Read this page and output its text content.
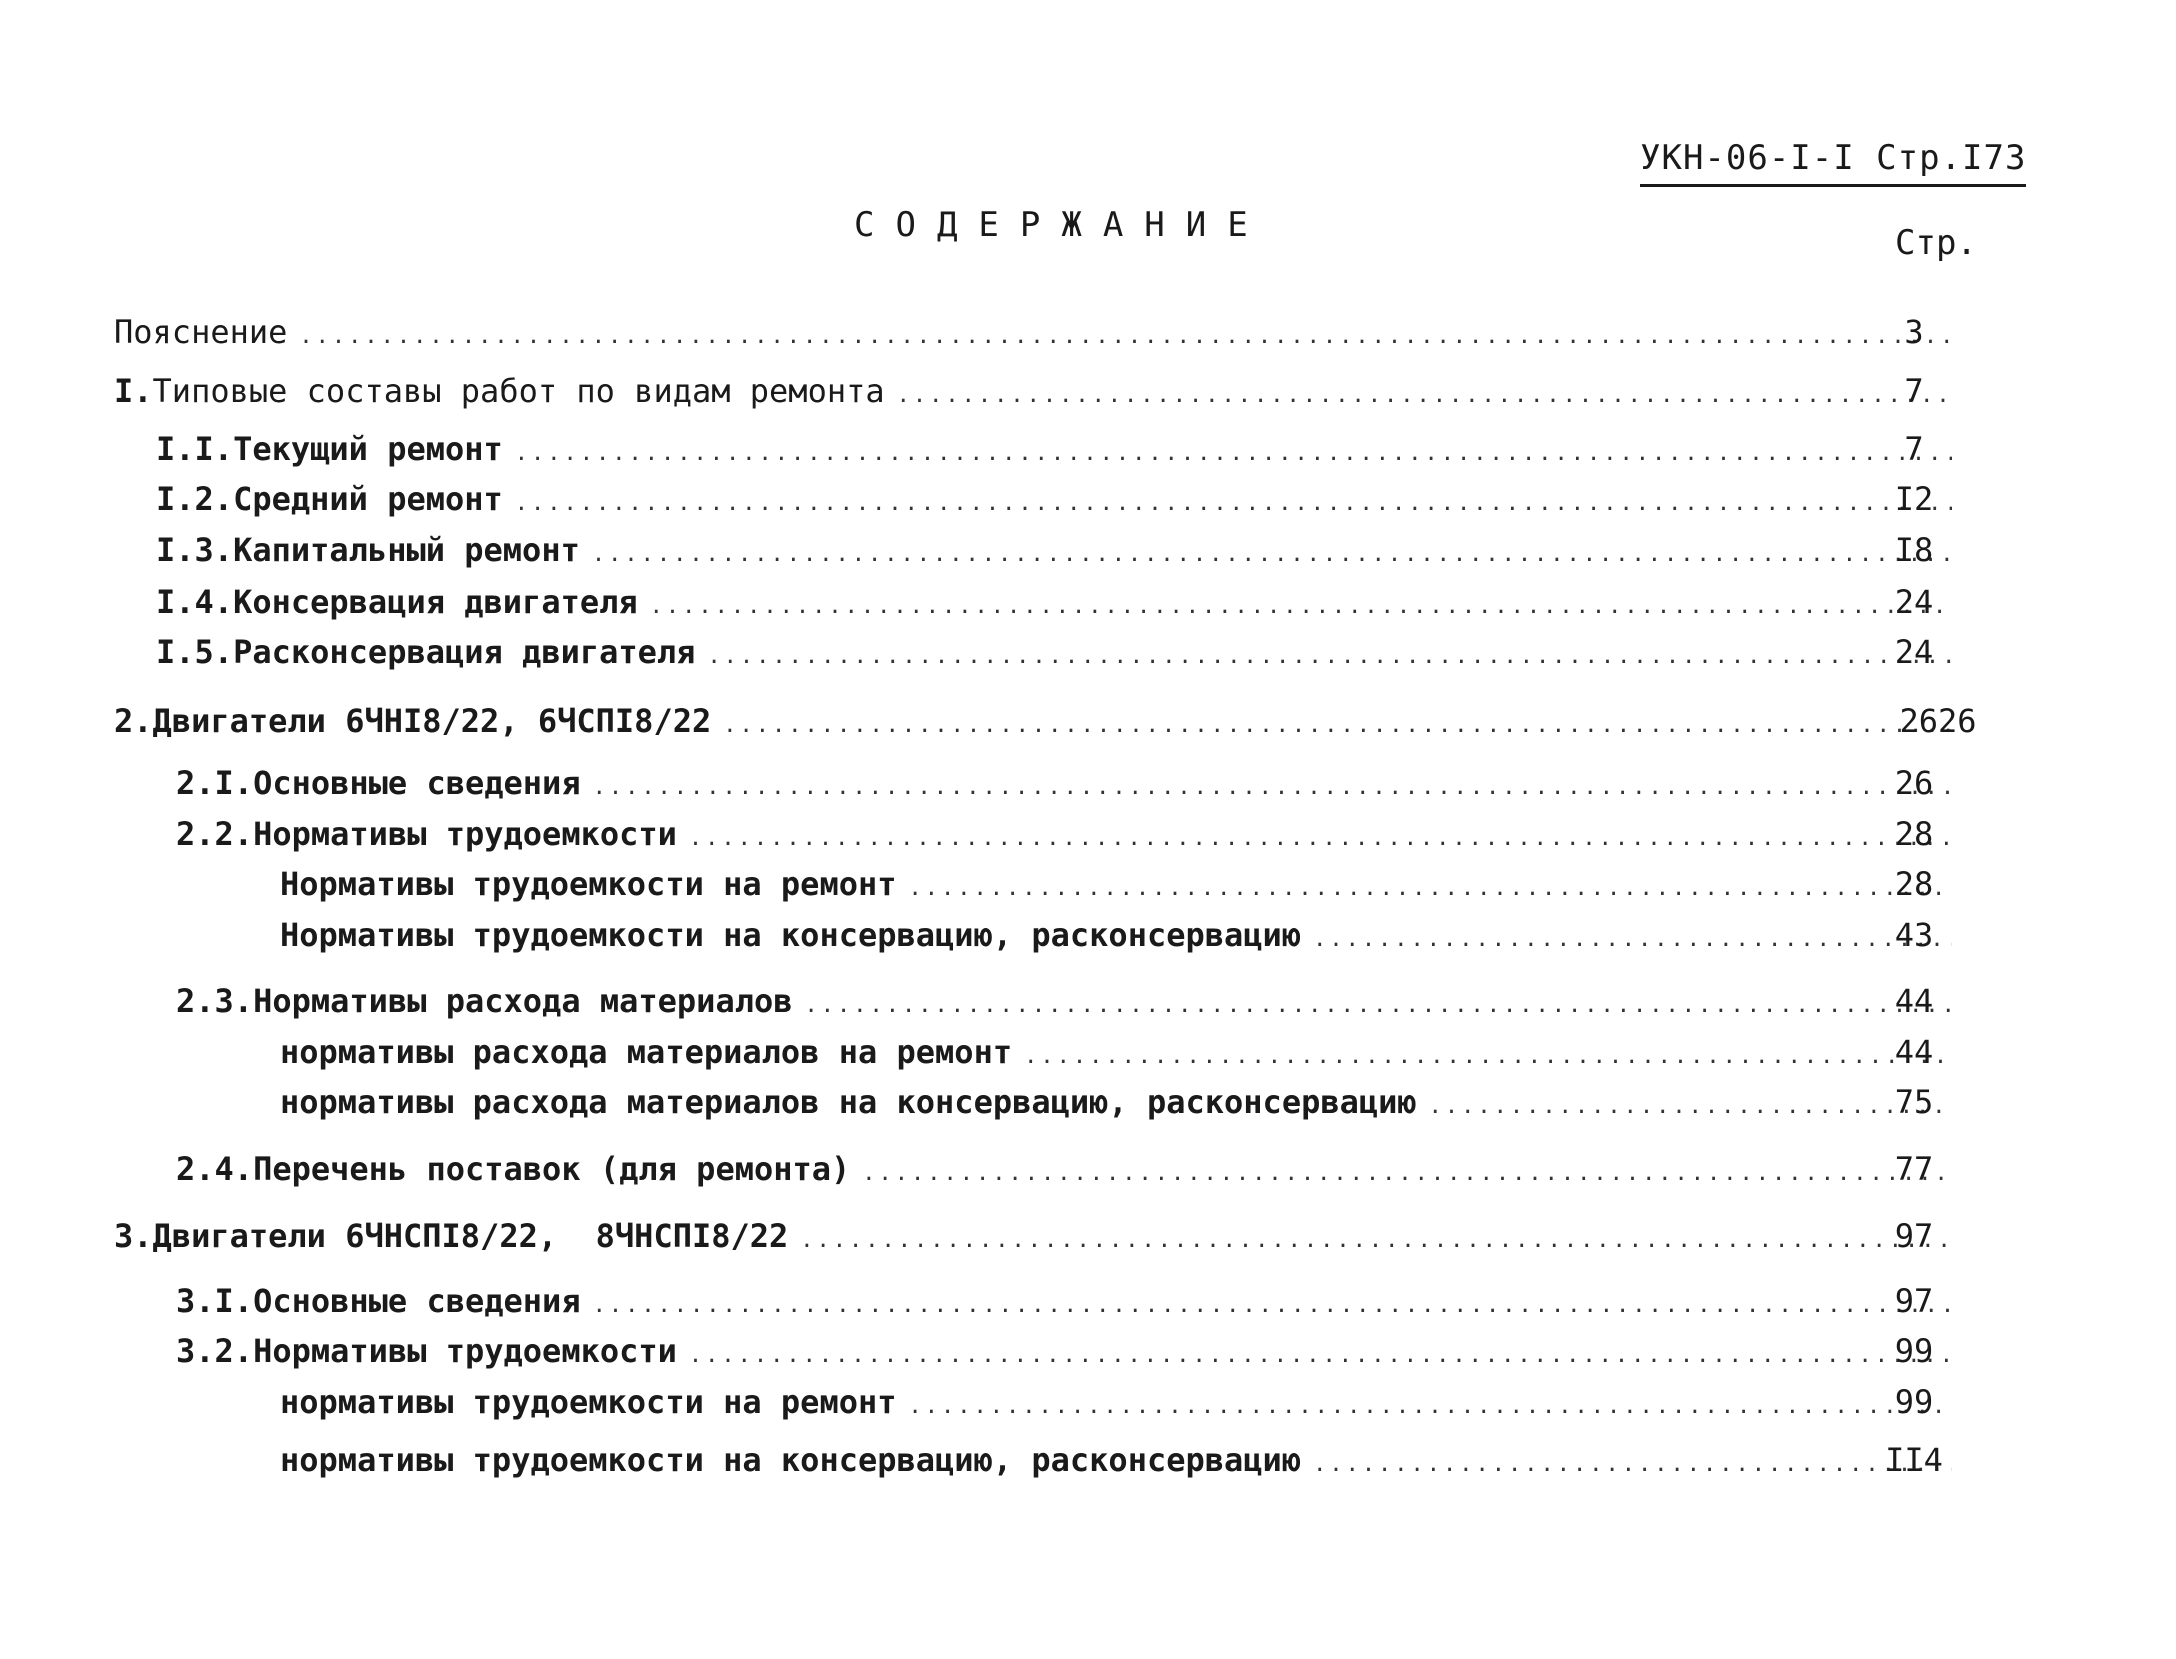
УКН-06-I-I Стр.I73
СОДЕРЖАНИЕ	Стр.
Пояснение .....	3
I. Типовые составы работ по видам ремонта .....	7
I.I. Текущий ремонт .....	7
I.2. Средний ремонт .....	I2
I.3. Капитальный ремонт .....	I8
I.4. Консервация двигателя .....	24
I.5. Расконсервация двигателя .....	24
2. Двигатели 6ЧНI8/22, 6ЧСПI8/22 .....	2626
2.I. Основные сведения .....	26
2.2. Нормативы трудоемкости .....	28
Нормативы трудоемкости на ремонт .....	28
Нормативы трудоемкости на консервацию, расконсервацию .....	43
2.3. Нормативы расхода материалов .....	44
нормативы расхода материалов на ремонт .....	44
нормативы расхода материалов на консервацию, расконсервацию .....	75
2.4. Перечень поставок (для ремонта) .....	77
3. Двигатели 6ЧНСПI8/22,  8ЧНСПI8/22 .....	97
3.I. Основные сведения .....	97
3.2. Нормативы трудоемкости .....	99
нормативы трудоемкости на ремонт .....	99
нормативы трудоемкости на консервацию, расконсервацию .....	II4
